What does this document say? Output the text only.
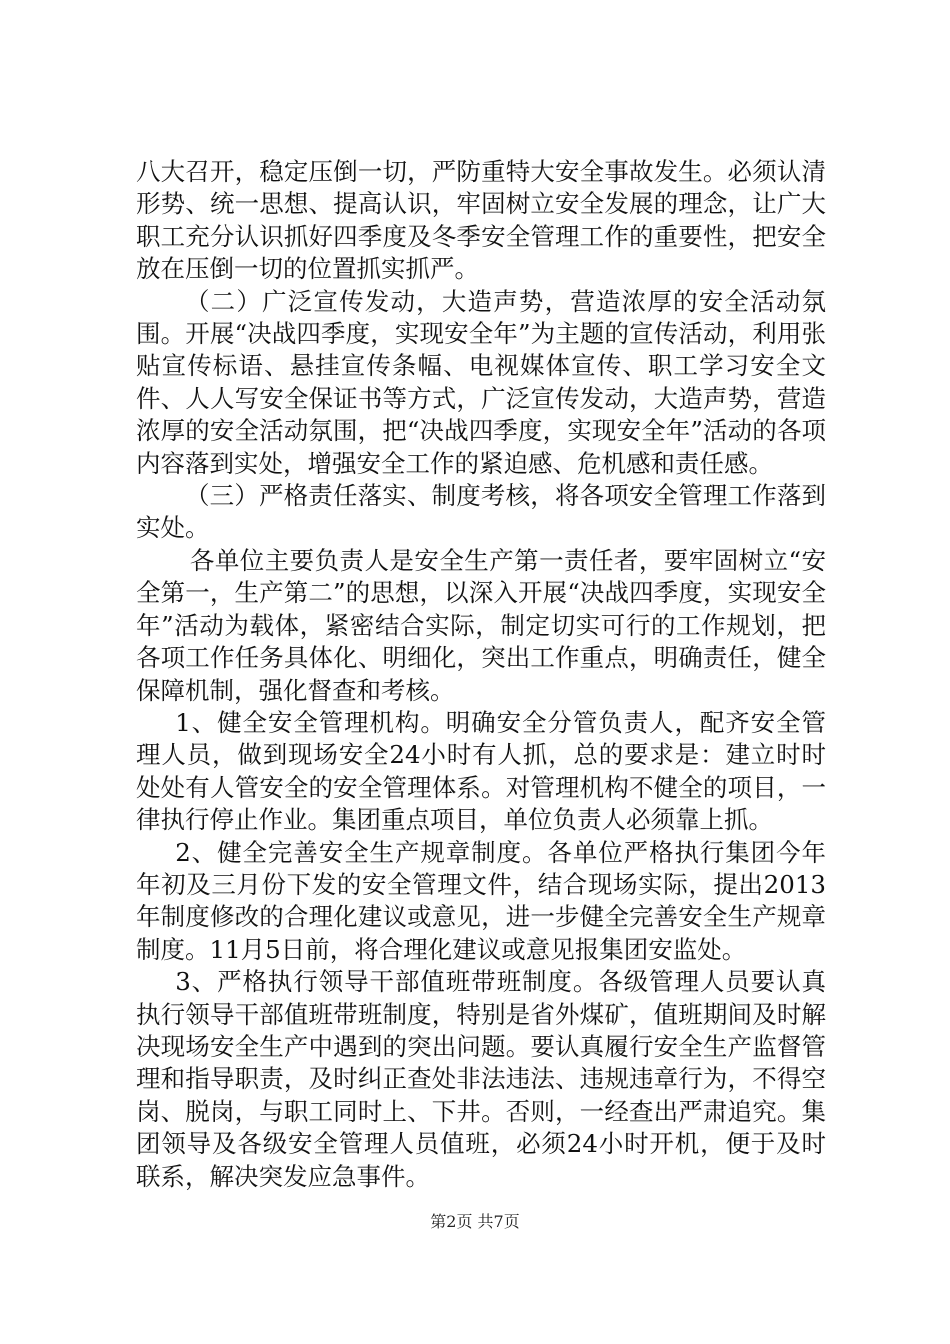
八大召开，稳定压倒一切，严防重特大安全事故发生。必须认清形势、统一思想、提高认识，牢固树立安全发展的理念，让广大职工充分认识抓好四季度及冬季安全管理工作的重要性，把安全放在压倒一切的位置抓实抓严。

（二）广泛宣传发动，大造声势，营造浓厚的安全活动氛围。开展“决战四季度，实现安全年”为主题的宣传活动，利用张贴宣传标语、悬挂宣传条幅、电视媒体宣传、职工学习安全文件、人人写安全保证书等方式，广泛宣传发动，大造声势，营造浓厚的安全活动氛围，把“决战四季度，实现安全年”活动的各项内容落到实处，增强安全工作的紧迫感、危机感和责任感。

（三）严格责任落实、制度考核，将各项安全管理工作落到实处。

各单位主要负责人是安全生产第一责任者，要牢固树立“安全第一，生产第二”的思想，以深入开展“决战四季度，实现安全年”活动为载体，紧密结合实际，制定切实可行的工作规划，把各项工作任务具体化、明细化，突出工作重点，明确责任，健全保障机制，强化督查和考核。

1、健全安全管理机构。明确安全分管负责人，配齐安全管理人员，做到现场安全24小时有人抓，总的要求是：建立时时处处有人管安全的安全管理体系。对管理机构不健全的项目，一律执行停止作业。集团重点项目，单位负责人必须靠上抓。

2、健全完善安全生产规章制度。各单位严格执行集团今年年初及三月份下发的安全管理文件，结合现场实际，提出2013年制度修改的合理化建议或意见，进一步健全完善安全生产规章制度。11月5日前，将合理化建议或意见报集团安监处。

3、严格执行领导干部值班带班制度。各级管理人员要认真执行领导干部值班带班制度，特别是省外煤矿，值班期间及时解决现场安全生产中遇到的突出问题。要认真履行安全生产监督管理和指导职责，及时纠正查处非法违法、违规违章行为，不得空岗、脱岗，与职工同时上、下井。否则，一经查出严肃追究。集团领导及各级安全管理人员值班，必须24小时开机，便于及时联系，解决突发应急事件。

第2页 共7页
